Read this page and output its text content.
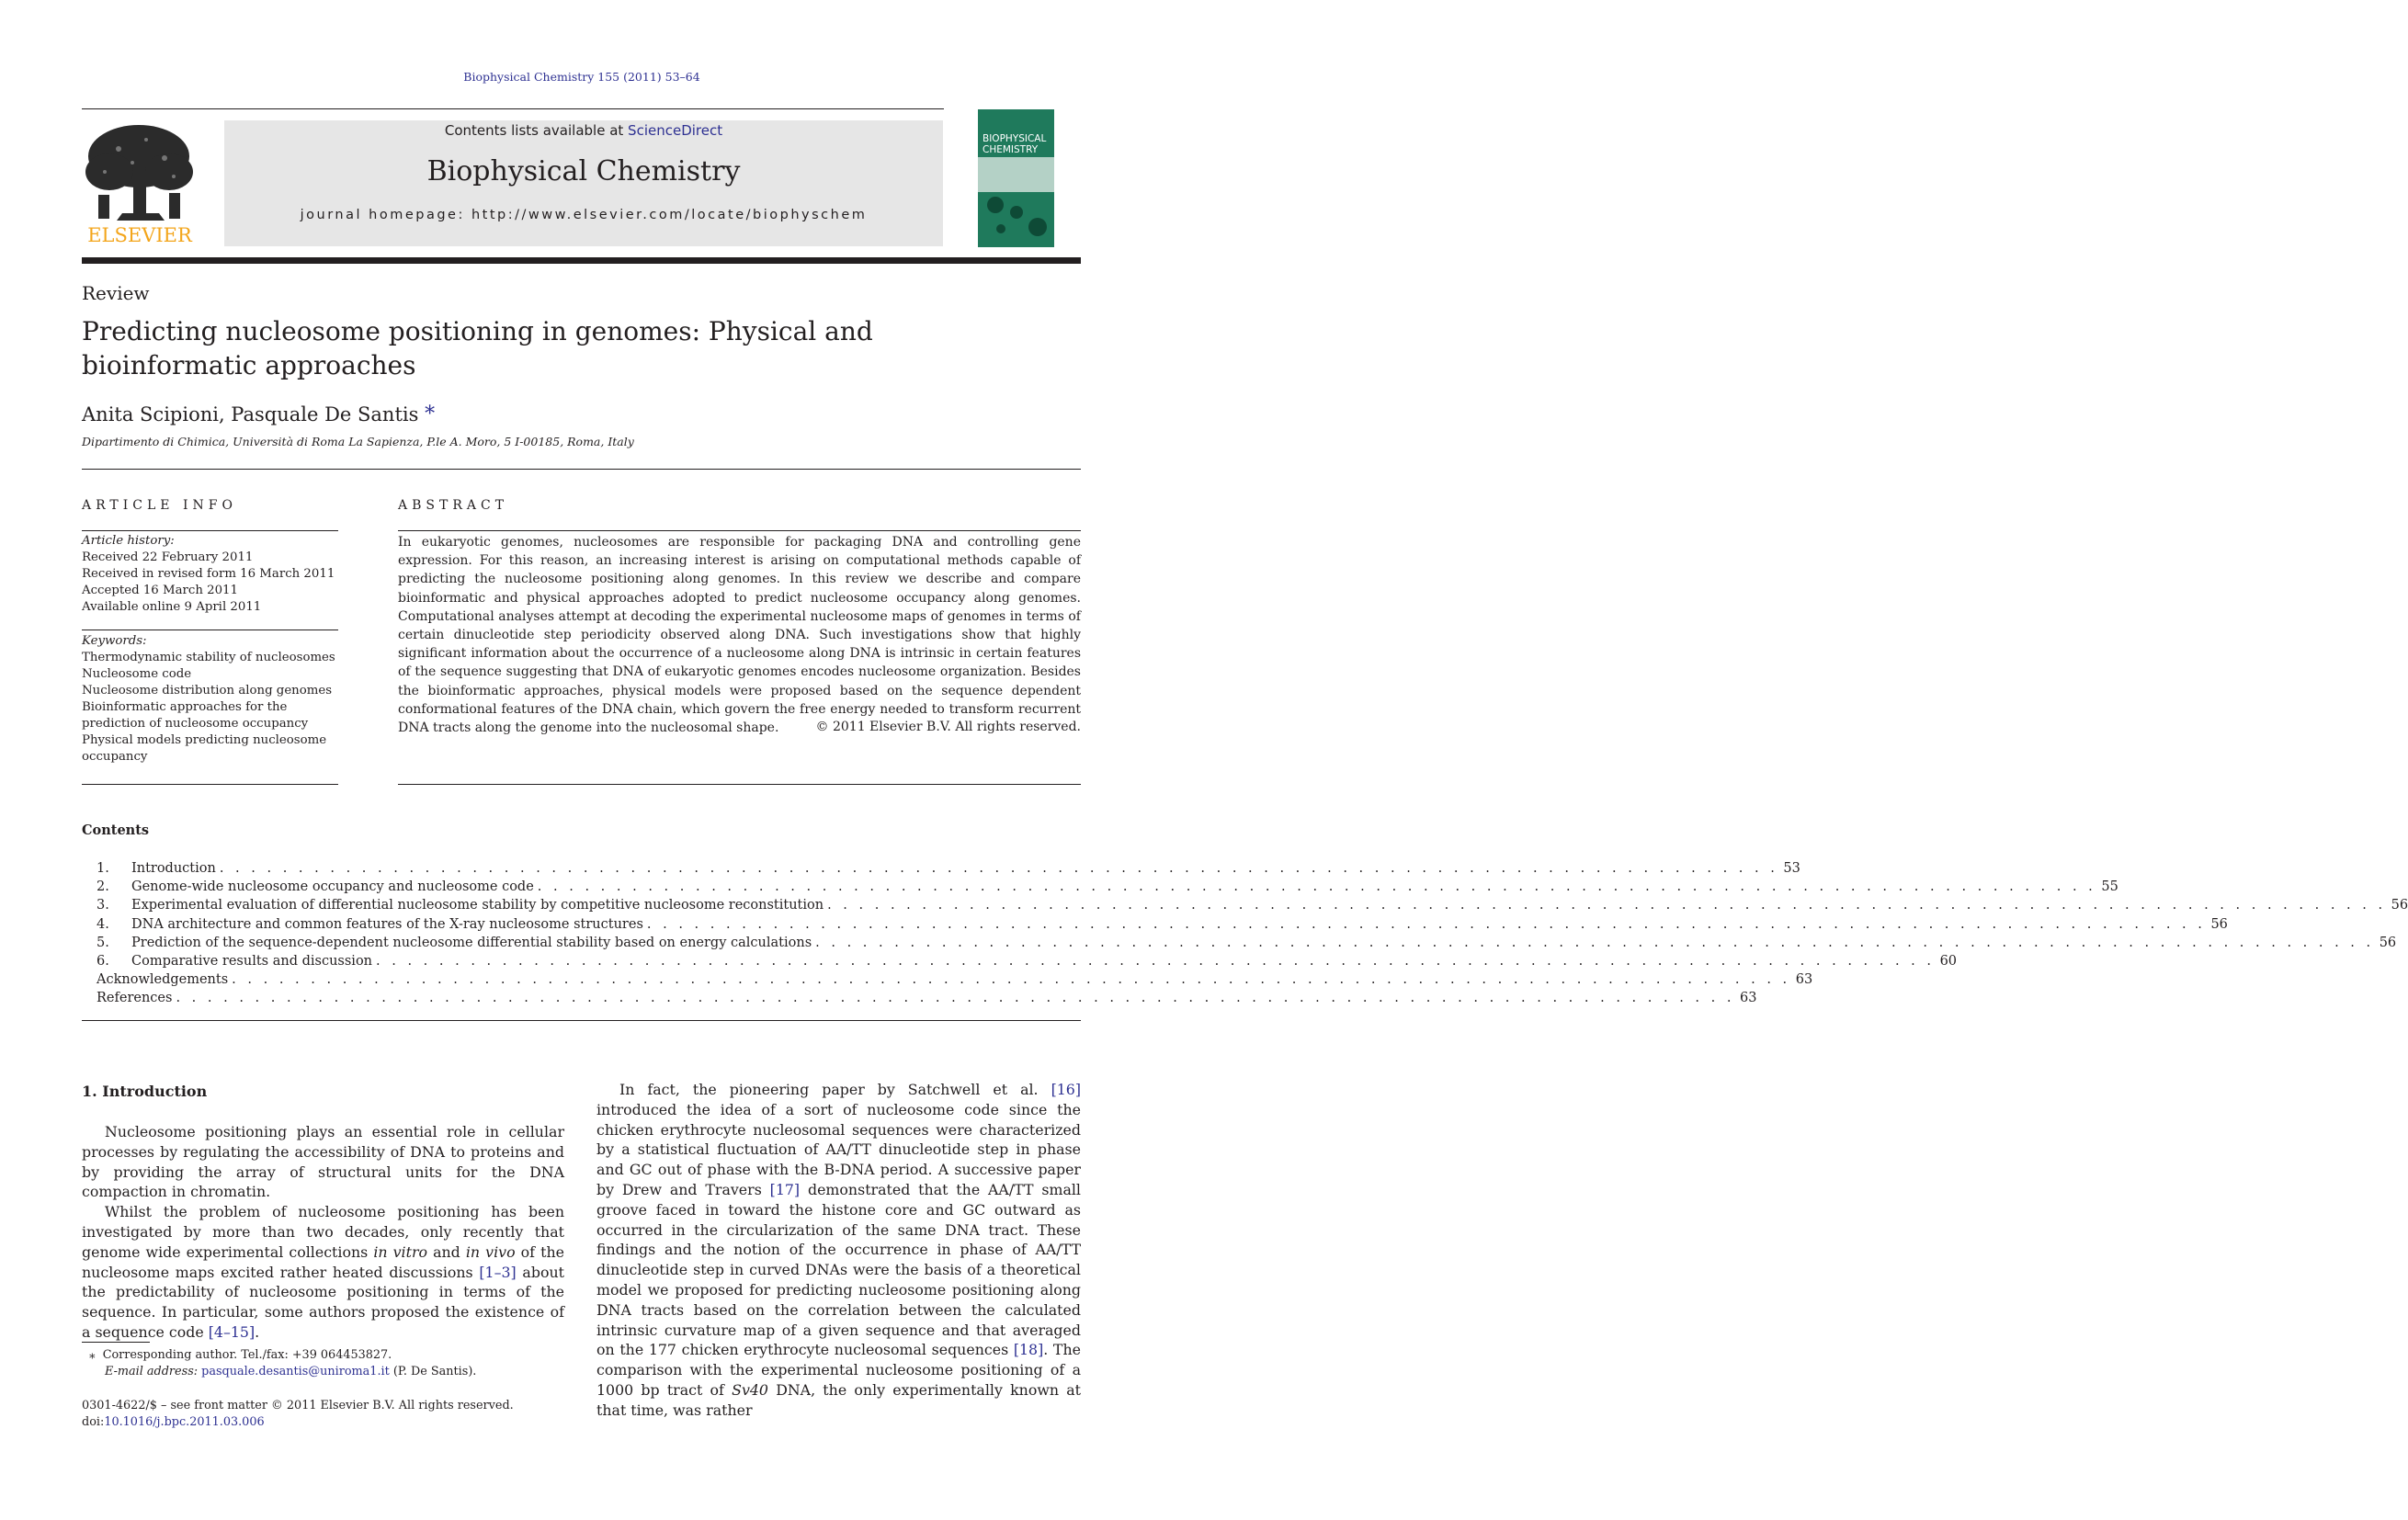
Biophysical Chemistry 155 (2011) 53–64
ELSEVIER
Contents lists available at ScienceDirect
Biophysical Chemistry
journal homepage: http://www.elsevier.com/locate/biophyschem
BIOPHYSICAL
CHEMISTRY
Review
Predicting nucleosome positioning in genomes: Physical and bioinformatic approaches
Anita Scipioni, Pasquale De Santis ⁎
Dipartimento di Chimica, Università di Roma La Sapienza, P.le A. Moro, 5 I-00185, Roma, Italy
ARTICLE INFO
Article history:
Received 22 February 2011
Received in revised form 16 March 2011
Accepted 16 March 2011
Available online 9 April 2011
Keywords:
Thermodynamic stability of nucleosomes
Nucleosome code
Nucleosome distribution along genomes
Bioinformatic approaches for the prediction of nucleosome occupancy
Physical models predicting nucleosome occupancy
ABSTRACT
In eukaryotic genomes, nucleosomes are responsible for packaging DNA and controlling gene expression. For this reason, an increasing interest is arising on computational methods capable of predicting the nucleosome positioning along genomes. In this review we describe and compare bioinformatic and physical approaches adopted to predict nucleosome occupancy along genomes. Computational analyses attempt at decoding the experimental nucleosome maps of genomes in terms of certain dinucleotide step periodicity observed along DNA. Such investigations show that highly significant information about the occurrence of a nucleosome along DNA is intrinsic in certain features of the sequence suggesting that DNA of eukaryotic genomes encodes nucleosome organization. Besides the bioinformatic approaches, physical models were proposed based on the sequence dependent conformational features of the DNA chain, which govern the free energy needed to transform recurrent DNA tracts along the genome into the nucleosomal shape.	© 2011 Elsevier B.V. All rights reserved.
Contents
1.	Introduction . . . . . . . . . . . . . . . . . . . . . . . . . . . . . . . . . . . . . . . . . . . . . . . . . . . . . . . . . . . . . . . . . . . . . . . . . . . . . . . . . . . . . . . . . . . . . . . . . . . 53
2.	Genome-wide nucleosome occupancy and nucleosome code . . . . . . . . . . . . . . . . . . . . . . . . . . . . . . . . . . . . . . . . . . . . . . . . . . . . . . . . . . . . . . . . . . . . . . . . . . . . . . . . . . . . . . . . . . . . . . . . . . . 55
3.	Experimental evaluation of differential nucleosome stability by competitive nucleosome reconstitution . . . . . . . . . . . . . . . . . . . . . . . . . . . . . . . . . . . . . . . . . . . . . . . . . . . . . . . . . . . . . . . . . . . . . . . . . . . . . . . . . . . . . . . . . . . . . . . . . . . 56
4.	DNA architecture and common features of the X-ray nucleosome structures . . . . . . . . . . . . . . . . . . . . . . . . . . . . . . . . . . . . . . . . . . . . . . . . . . . . . . . . . . . . . . . . . . . . . . . . . . . . . . . . . . . . . . . . . . . . . . . . . . . 56
5.	Prediction of the sequence-dependent nucleosome differential stability based on energy calculations . . . . . . . . . . . . . . . . . . . . . . . . . . . . . . . . . . . . . . . . . . . . . . . . . . . . . . . . . . . . . . . . . . . . . . . . . . . . . . . . . . . . . . . . . . . . . . . . . . . 56
6.	Comparative results and discussion . . . . . . . . . . . . . . . . . . . . . . . . . . . . . . . . . . . . . . . . . . . . . . . . . . . . . . . . . . . . . . . . . . . . . . . . . . . . . . . . . . . . . . . . . . . . . . . . . . . 60
Acknowledgements . . . . . . . . . . . . . . . . . . . . . . . . . . . . . . . . . . . . . . . . . . . . . . . . . . . . . . . . . . . . . . . . . . . . . . . . . . . . . . . . . . . . . . . . . . . . . . . . . . . 63
References . . . . . . . . . . . . . . . . . . . . . . . . . . . . . . . . . . . . . . . . . . . . . . . . . . . . . . . . . . . . . . . . . . . . . . . . . . . . . . . . . . . . . . . . . . . . . . . . . . . 63
1. Introduction

Nucleosome positioning plays an essential role in cellular processes by regulating the accessibility of DNA to proteins and by providing the array of structural units for the DNA compaction in chromatin.

Whilst the problem of nucleosome positioning has been investigated by more than two decades, only recently that genome wide experimental collections in vitro and in vivo of the nucleosome maps excited rather heated discussions [1–3] about the predictability of nucleosome positioning in terms of the sequence. In particular, some authors proposed the existence of a sequence code [4–15].

In fact, the pioneering paper by Satchwell et al. [16] introduced the idea of a sort of nucleosome code since the chicken erythrocyte nucleosomal sequences were characterized by a statistical fluctuation of AA/TT dinucleotide step in phase and GC out of phase with the B-DNA period. A successive paper by Drew and Travers [17] demonstrated that the AA/TT small groove faced in toward the histone core and GC outward as occurred in the circularization of the same DNA tract. These findings and the notion of the occurrence in phase of AA/TT dinucleotide step in curved DNAs were the basis of a theoretical model we proposed for predicting nucleosome positioning along DNA tracts based on the correlation between the calculated intrinsic curvature map of a given sequence and that averaged on the 177 chicken erythrocyte nucleosomal sequences [18]. The comparison with the experimental nucleosome positioning of a 1000 bp tract of Sv40 DNA, the only experimentally known at that time, was rather

⁎ Corresponding author. Tel./fax: +39 064453827.
E-mail address: pasquale.desantis@uniroma1.it (P. De Santis).
0301-4622/$ – see front matter © 2011 Elsevier B.V. All rights reserved.
doi:10.1016/j.bpc.2011.03.006
